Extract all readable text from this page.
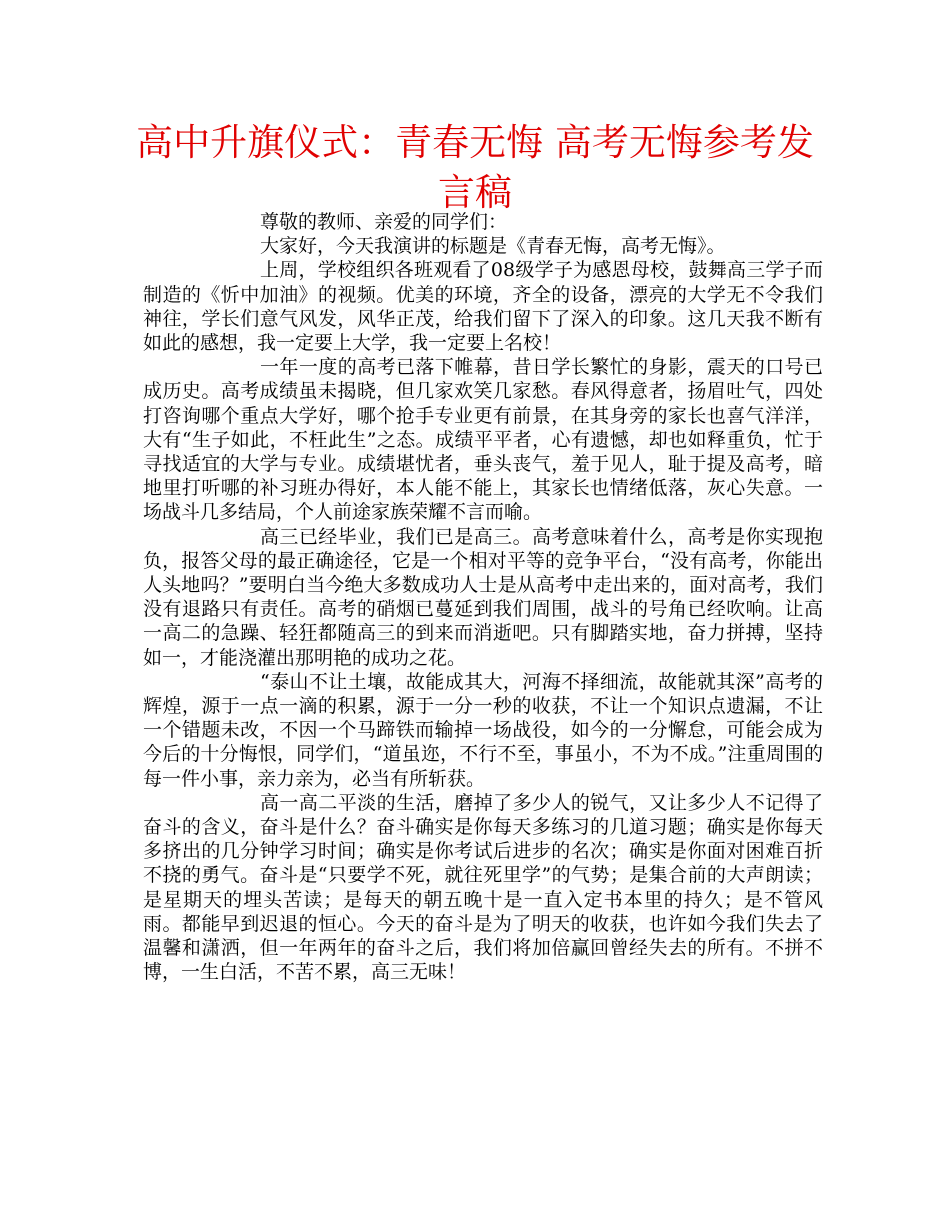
高中升旗仪式：青春无悔 高考无悔参考发言稿

尊敬的教师、亲爱的同学们：

大家好，今天我演讲的标题是《青春无悔，高考无悔》。

上周，学校组织各班观看了08级学子为感恩母校，鼓舞高三学子而制造的《忻中加油》的视频。优美的环境，齐全的设备，漂亮的大学无不令我们神往，学长们意气风发，风华正茂，给我们留下了深入的印象。这几天我不断有如此的感想，我一定要上大学，我一定要上名校！

一年一度的高考已落下帷幕，昔日学长繁忙的身影，震天的口号已成历史。高考成绩虽未揭晓，但几家欢笑几家愁。春风得意者，扬眉吐气，四处打咨询哪个重点大学好，哪个抢手专业更有前景，在其身旁的家长也喜气洋洋，大有“生子如此，不枉此生”之态。成绩平平者，心有遗憾，却也如释重负，忙于寻找适宜的大学与专业。成绩堪忧者，垂头丧气，羞于见人，耻于提及高考，暗地里打听哪的补习班办得好，本人能不能上，其家长也情绪低落，灰心失意。一场战斗几多结局，个人前途家族荣耀不言而喻。

高三已经毕业，我们已是高三。高考意味着什么，高考是你实现抱负，报答父母的最正确途径，它是一个相对平等的竞争平台，“没有高考，你能出人头地吗？”要明白当今绝大多数成功人士是从高考中走出来的，面对高考，我们没有退路只有责任。高考的硝烟已蔓延到我们周围，战斗的号角已经吹响。让高一高二的急躁、轻狂都随高三的到来而消逝吧。只有脚踏实地，奋力拼搏，坚持如一，才能浇灌出那明艳的成功之花。

“泰山不让土壤，故能成其大，河海不择细流，故能就其深”高考的辉煌，源于一点一滴的积累，源于一分一秒的收获，不让一个知识点遗漏，不让一个错题未改，不因一个马蹄铁而输掉一场战役，如今的一分懈怠，可能会成为今后的十分悔恨，同学们，“道虽迩，不行不至，事虽小，不为不成。”注重周围的每一件小事，亲力亲为，必当有所斩获。

高一高二平淡的生活，磨掉了多少人的锐气，又让多少人不记得了奋斗的含义，奋斗是什么？奋斗确实是你每天多练习的几道习题；确实是你每天多挤出的几分钟学习时间；确实是你考试后进步的名次；确实是你面对困难百折不挠的勇气。奋斗是“只要学不死，就往死里学”的气势；是集合前的大声朗读；是星期天的埋头苦读；是每天的朝五晚十是一直入定书本里的持久；是不管风雨。都能早到迟退的恒心。今天的奋斗是为了明天的收获，也许如今我们失去了温馨和潇洒，但一年两年的奋斗之后，我们将加倍赢回曾经失去的所有。不拼不博，一生白活，不苦不累，高三无味！
